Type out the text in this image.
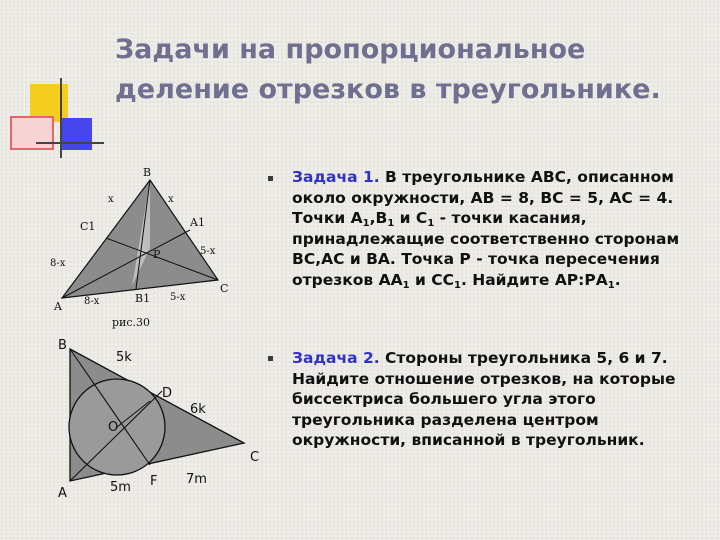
Задачи на пропорциональное
деление отрезков в треугольнике.
B
A
C
A1
C1
B1
P
x	x
8-x
5-x
8-x	5-x
рис.30
B
A
C
D
O
F
5k
6k
5m
7m
Задача 1. В треугольнике АВС, описанном около окружности, АВ = 8, ВС = 5, АС = 4. Точки $А_1,В_1$ и $С_1$ - точки касания, принадлежащие соответственно сторонам ВС,АС и ВА. Точка Р - точка пересечения отрезков $АА_1$ и $СС_1$. Найдите $АР:РА_1$.
Задача 2. Стороны треугольника 5, 6 и 7. Найдите отношение отрезков, на которые биссектриса большего угла этого треугольника разделена центром окружности, вписанной в треугольник.
